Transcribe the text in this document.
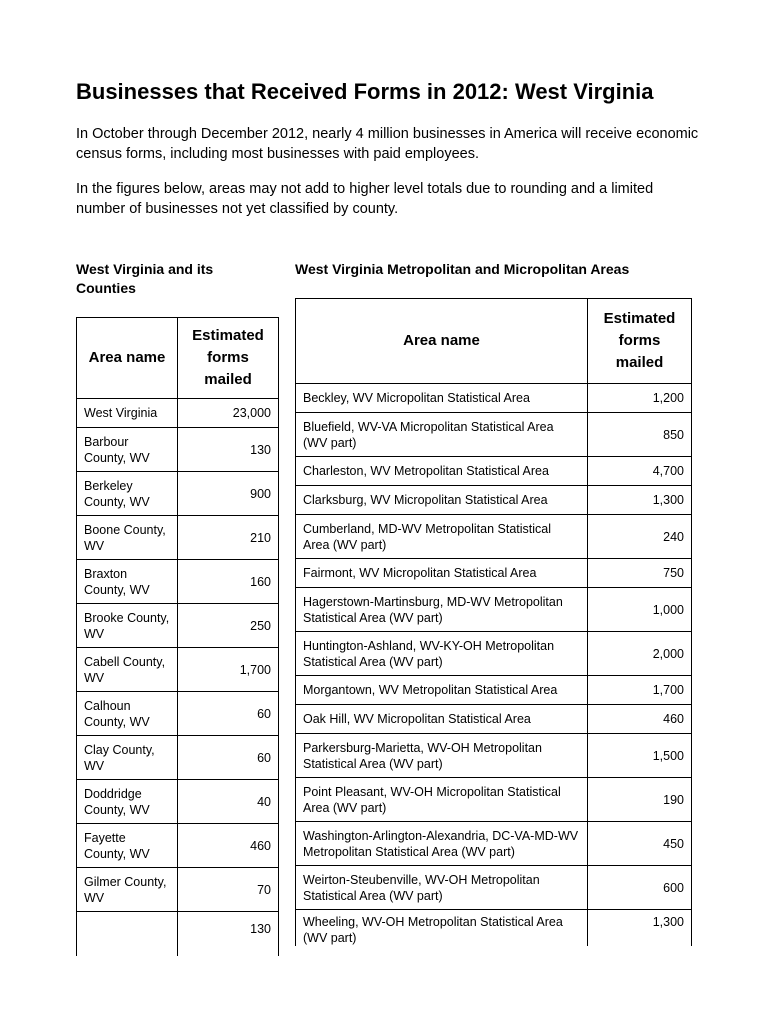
Businesses that Received Forms in 2012: West Virginia

In October through December 2012, nearly 4 million businesses in America will receive economic census forms, including most businesses with paid employees.

In the figures below, areas may not add to higher level totals due to rounding and a limited number of businesses not yet classified by county.

West Virginia and its Counties
West Virginia Metropolitan and Micropolitan Areas
Area name	Estimated forms mailed
West Virginia	23,000
Barbour County, WV	130
Berkeley County, WV	900
Boone County, WV	210
Braxton County, WV	160
Brooke County, WV	250
Cabell County, WV	1,700
Calhoun County, WV	60
Clay County, WV	60
Doddridge County, WV	40
Fayette County, WV	460
Gilmer County, WV	70
	130
Area name	Estimated forms mailed
Beckley, WV Micropolitan Statistical Area	1,200
Bluefield, WV-VA Micropolitan Statistical Area (WV part)	850
Charleston, WV Metropolitan Statistical Area	4,700
Clarksburg, WV Micropolitan Statistical Area	1,300
Cumberland, MD-WV Metropolitan Statistical Area (WV part)	240
Fairmont, WV Micropolitan Statistical Area	750
Hagerstown-Martinsburg, MD-WV Metropolitan Statistical Area (WV part)	1,000
Huntington-Ashland, WV-KY-OH Metropolitan Statistical Area (WV part)	2,000
Morgantown, WV Metropolitan Statistical Area	1,700
Oak Hill, WV Micropolitan Statistical Area	460
Parkersburg-Marietta, WV-OH Metropolitan Statistical Area (WV part)	1,500
Point Pleasant, WV-OH Micropolitan Statistical Area (WV part)	190
Washington-Arlington-Alexandria, DC-VA-MD-WV Metropolitan Statistical Area (WV part)	450
Weirton-Steubenville, WV-OH Metropolitan Statistical Area (WV part)	600
Wheeling, WV-OH Metropolitan Statistical Area (WV part)	1,300
